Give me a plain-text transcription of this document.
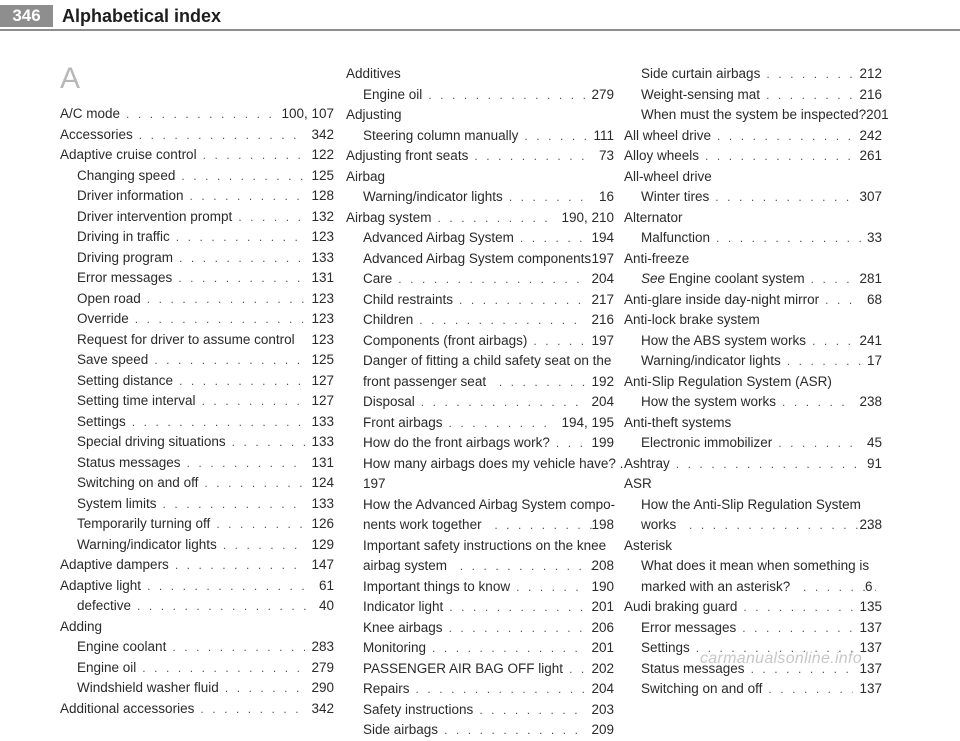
346	Alphabetical index
A
A/C mode . . .	100, 107
Accessories . . .	342
Adaptive cruise control . . .	122
Changing speed . . .	125
Driver information . . .	128
Driver intervention prompt . . .	132
Driving in traffic . . .	123
Driving program . . .	133
Error messages . . .	131
Open road . . .	123
Override . . .	123
Request for driver to assume control 123
Save speed . . .	125
Setting distance . . .	127
Setting time interval . . .	127
Settings . . .	133
Special driving situations . . .	133
Status messages . . .	131
Switching on and off . . .	124
System limits . . .	133
Temporarily turning off . . .	126
Warning/indicator lights . . .	129
Adaptive dampers . . .	147
Adaptive light . . .	61
defective . . .	40
Adding
Engine coolant . . .	283
Engine oil . . .	279
Windshield washer fluid . . .	290
Additional accessories . . .	342
Additives
Engine oil . . .	279
Adjusting
Steering column manually . . .	111
Adjusting front seats . . .	73
Airbag
Warning/indicator lights . . .	16
Airbag system . . .	190, 210
Advanced Airbag System . . .	194
Advanced Airbag System components 197
Care . . .	204
Child restraints . . .	217
Children . . .	216
Components (front airbags) . . .	197
Danger of fitting a child safety seat on the
front passenger seat . . .	192
Disposal . . .	204
Front airbags . . .	194, 195
How do the front airbags work? . . .	199
How many airbags does my vehicle have? .
197
How the Advanced Airbag System compo-
nents work together . . .	198
Important safety instructions on the knee
airbag system . . .	208
Important things to know . . .	190
Indicator light . . .	201
Knee airbags . . .	206
Monitoring . . .	201
PASSENGER AIR BAG OFF light . . . 202
Repairs . . .	204
Safety instructions . . .	203
Side airbags . . .	209
Side curtain airbags . . .	212
Weight-sensing mat . . .	216
When must the system be inspected? 201
All wheel drive . . .	242
Alloy wheels . . .	261
All-wheel drive
Winter tires . . .	307
Alternator
Malfunction . . .	33
Anti-freeze
See
Engine coolant system . . .	281
Anti-glare inside day-night mirror . . .	68
Anti-lock brake system
How the ABS system works . . .	241
Warning/indicator lights . . .	17
Anti-Slip Regulation System (ASR)
How the system works . . .	238
Anti-theft systems
Electronic immobilizer . . .	45
Ashtray . . .	91
ASR
How the Anti-Slip Regulation System
works . . .	238
Asterisk
What does it mean when something is
marked with an asterisk? . . .	6
Audi braking guard . . .	135
Error messages . . .	137
Settings . . .	137
Status messages . . .	137
Switching on and off . . .	137
carmanualsonline.info
